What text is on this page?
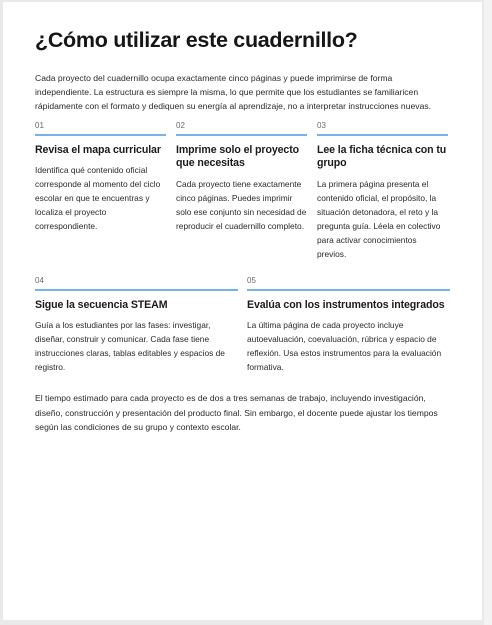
¿Cómo utilizar este cuadernillo?

Cada proyecto del cuadernillo ocupa exactamente cinco páginas y puede imprimirse de forma independiente. La estructura es siempre la misma, lo que permite que los estudiantes se familiaricen rápidamente con el formato y dediquen su energía al aprendizaje, no a interpretar instrucciones nuevas.

01
Revisa el mapa curricular
Identifica qué contenido oficial corresponde al momento del ciclo escolar en que te encuentras y localiza el proyecto correspondiente.
02
Imprime solo el proyecto que necesitas
Cada proyecto tiene exactamente cinco páginas. Puedes imprimir solo ese conjunto sin necesidad de reproducir el cuadernillo completo.
03
Lee la ficha técnica con tu grupo
La primera página presenta el contenido oficial, el propósito, la situación detonadora, el reto y la pregunta guía. Léela en colectivo para activar conocimientos previos.
04
Sigue la secuencia STEAM
Guía a los estudiantes por las fases: investigar, diseñar, construir y comunicar. Cada fase tiene instrucciones claras, tablas editables y espacios de registro.
05
Evalúa con los instrumentos integrados
La última página de cada proyecto incluye autoevaluación, coevaluación, rúbrica y espacio de reflexión. Usa estos instrumentos para la evaluación formativa.

El tiempo estimado para cada proyecto es de dos a tres semanas de trabajo, incluyendo investigación, diseño, construcción y presentación del producto final. Sin embargo, el docente puede ajustar los tiempos según las condiciones de su grupo y contexto escolar.
